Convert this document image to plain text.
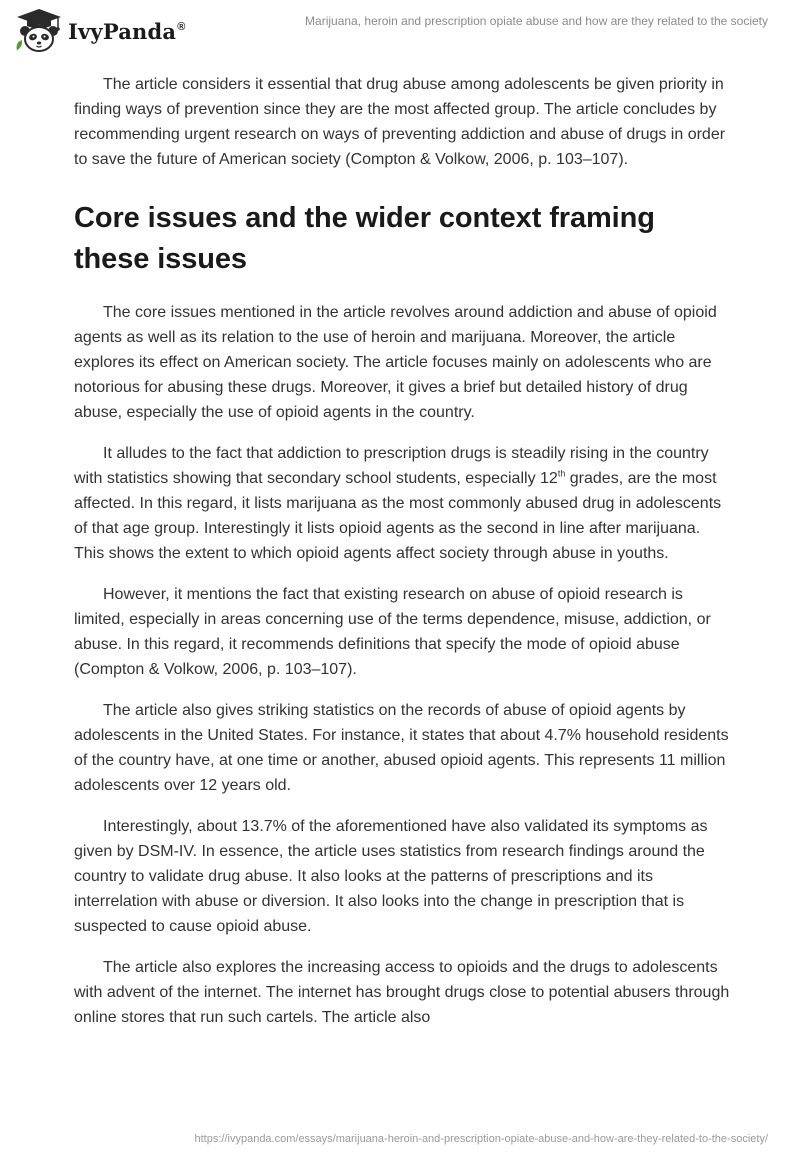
IvyPanda®	Marijuana, heroin and prescription opiate abuse and how are they related to the society

The article considers it essential that drug abuse among adolescents be given priority in finding ways of prevention since they are the most affected group. The article concludes by recommending urgent research on ways of preventing addiction and abuse of drugs in order to save the future of American society (Compton & Volkow, 2006, p. 103–107).

Core issues and the wider context framing these issues

The core issues mentioned in the article revolves around addiction and abuse of opioid agents as well as its relation to the use of heroin and marijuana. Moreover, the article explores its effect on American society. The article focuses mainly on adolescents who are notorious for abusing these drugs. Moreover, it gives a brief but detailed history of drug abuse, especially the use of opioid agents in the country.

It alludes to the fact that addiction to prescription drugs is steadily rising in the country with statistics showing that secondary school students, especially 12th grades, are the most affected. In this regard, it lists marijuana as the most commonly abused drug in adolescents of that age group. Interestingly it lists opioid agents as the second in line after marijuana. This shows the extent to which opioid agents affect society through abuse in youths.

However, it mentions the fact that existing research on abuse of opioid research is limited, especially in areas concerning use of the terms dependence, misuse, addiction, or abuse. In this regard, it recommends definitions that specify the mode of opioid abuse (Compton & Volkow, 2006, p. 103–107).

The article also gives striking statistics on the records of abuse of opioid agents by adolescents in the United States. For instance, it states that about 4.7% household residents of the country have, at one time or another, abused opioid agents. This represents 11 million adolescents over 12 years old.

Interestingly, about 13.7% of the aforementioned have also validated its symptoms as given by DSM-IV. In essence, the article uses statistics from research findings around the country to validate drug abuse. It also looks at the patterns of prescriptions and its interrelation with abuse or diversion. It also looks into the change in prescription that is suspected to cause opioid abuse.

The article also explores the increasing access to opioids and the drugs to adolescents with advent of the internet. The internet has brought drugs close to potential abusers through online stores that run such cartels. The article also

https://ivypanda.com/essays/marijuana-heroin-and-prescription-opiate-abuse-and-how-are-they-related-to-the-society/
